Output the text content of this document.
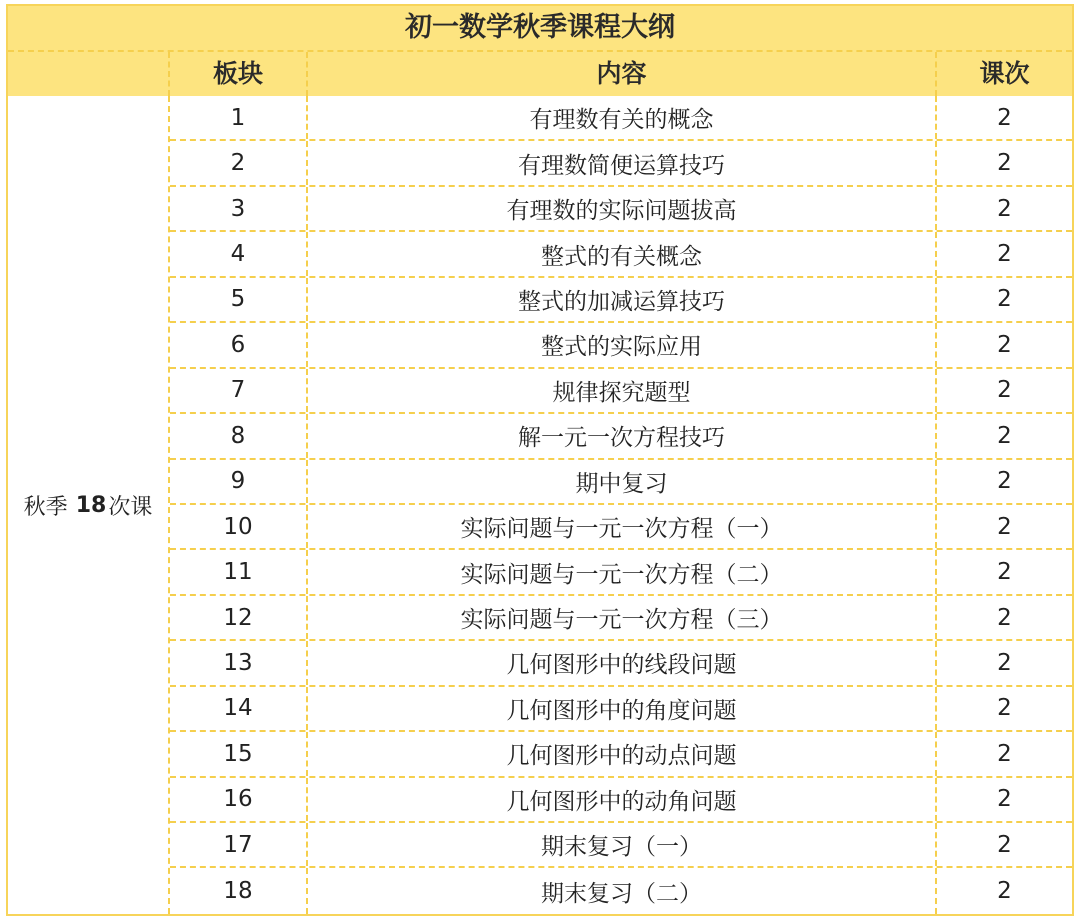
初一数学秋季课程大纲
板块	内容	课次
秋季 18 次课
1	有理数有关的概念	2
2	有理数简便运算技巧	2
3	有理数的实际问题拔高	2
4	整式的有关概念	2
5	整式的加减运算技巧	2
6	整式的实际应用	2
7	规律探究题型	2
8	解一元一次方程技巧	2
9	期中复习	2
10	实际问题与一元一次方程（一）	2
11	实际问题与一元一次方程（二）	2
12	实际问题与一元一次方程（三）	2
13	几何图形中的线段问题	2
14	几何图形中的角度问题	2
15	几何图形中的动点问题	2
16	几何图形中的动角问题	2
17	期末复习（一）	2
18	期末复习（二）	2
